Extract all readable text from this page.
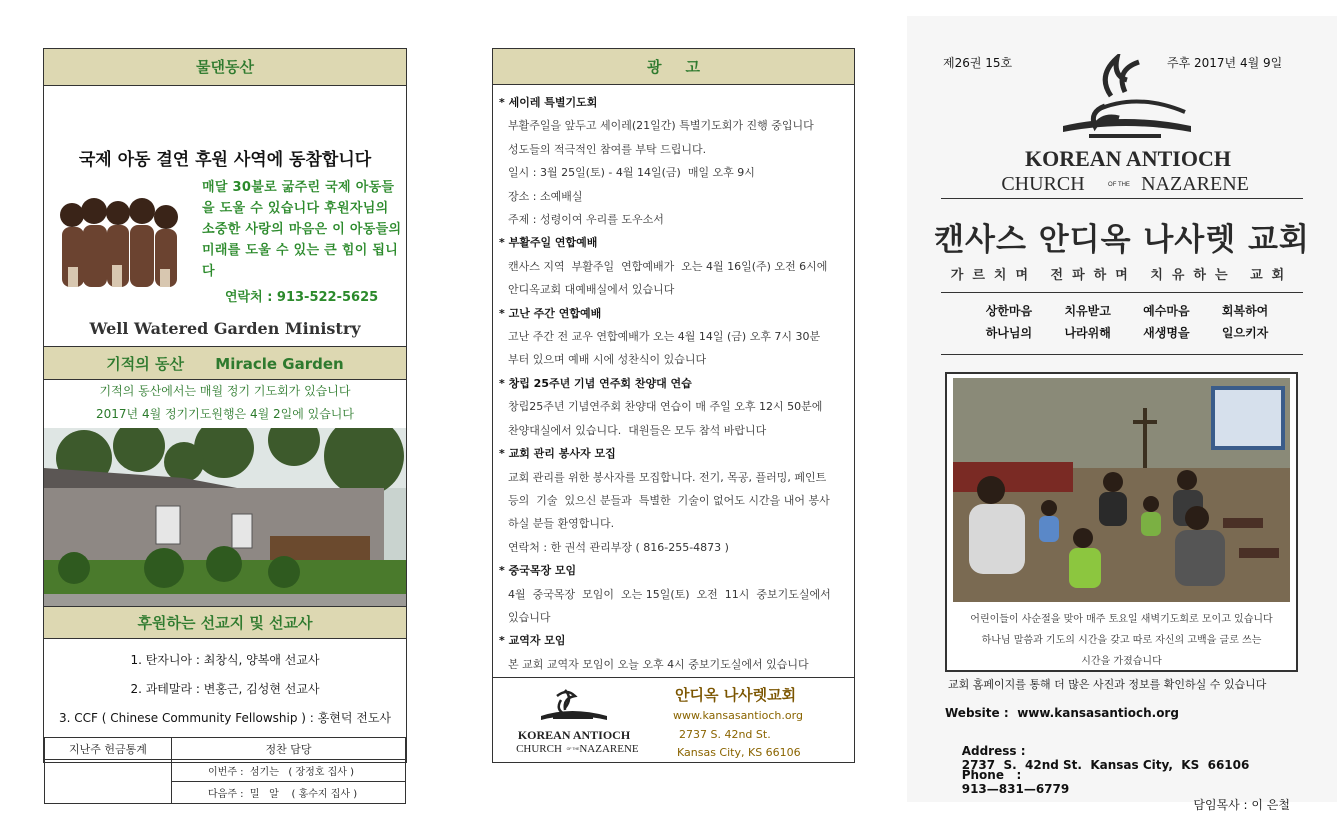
물댄동산
국제 아동 결연 후원 사역에 동참합니다
매달 30불로 굶주린 국제 아동들을 도울 수 있습니다 후원자님의 소중한 사랑의 마음은 이 아동들의 미래를 도울 수 있는 큰 힘이 됩니다
연락처 : 913-522-5625
Well Watered Garden Ministry
기적의 동산      Miracle Garden
기적의 동산에서는 매월 정기 기도회가 있습니다
2017년 4월 정기기도원행은 4월 2일에 있습니다
후원하는 선교지 및 선교사
1. 탄자니아 : 최창식, 양복애 선교사
2. 과테말라 : 변홍근, 김성현 선교사
3. CCF ( Chinese Community Fellowship ) : 홍현덕 전도사
지난주 헌금통계	정찬 담당
	이번주 :  섬기는   ( 장정호 집사 )
	다음주 :  밀   알    ( 홍수지 집사 )
광고
* 세이레 특별기도회
부활주일을 앞두고 세이레(21일간) 특별기도회가 진행 중입니다
성도들의 적극적인 참여를 부탁 드립니다.
일시 : 3월 25일(토) - 4월 14일(금)  매일 오후 9시
장소 : 소예배실
주제 : 성령이여 우리를 도우소서
* 부활주일 연합예배
캔사스 지역  부활주일  연합예배가  오는 4월 16일(주) 오전 6시에
안디옥교회 대예배실에서 있습니다
* 고난 주간 연합예배
고난 주간 전 교우 연합예배가 오는 4월 14일 (금) 오후 7시 30분
부터 있으며 예배 시에 성찬식이 있습니다
* 창립 25주년 기념 연주회 찬양대 연습
창립25주년 기념연주회 찬양대 연습이 매 주일 오후 12시 50분에
찬양대실에서 있습니다.  대원들은 모두 참석 바랍니다
* 교회 관리 봉사자 모집
교회 관리를 위한 봉사자를 모집합니다. 전기, 목공, 플러밍, 페인트
등의  기술  있으신 분들과  특별한  기술이 없어도 시간을 내어 봉사
하실 분들 환영합니다.
연락처 : 한 권석 관리부장 ( 816-255-4873 )
* 중국목장 모임
4월  중국목장  모임이  오는 15일(토)  오전  11시  중보기도실에서
있습니다
* 교역자 모임
본 교회 교역자 모임이 오늘 오후 4시 중보기도실에서 있습니다
KOREAN ANTIOCH
CHURCH OF THE NAZARENE
안디옥 나사렛교회
www.kansasantioch.org
2737 S. 42nd St.
Kansas City, KS 66106
제26권 15호	주후 2017년 4월 9일
KOREAN ANTIOCH
CHURCH	OF THE NAZARENE
캔사스 안디옥 나사렛 교회
가르치며 전파하며 치유하는 교회
상한마음  치유받고  예수마음  회복하여
하나님의  나라위해  새생명을  일으키자
어린이들이 사순절을 맞아 매주 토요일 새벽기도회로 모이고 있습니다
하나님 말씀과 기도의 시간을 갖고 따로 자신의 고백을 글로 쓰는
시간을 가졌습니다
교회 홈페이지를 통해 더 많은 사진과 정보를 확인하실 수 있습니다
Website : www.kansasantioch.org

Address :
2737  S.  42nd St.  Kansas City,  KS  66106

Phone   :
913—831—6779

담임목사 : 이 은철
